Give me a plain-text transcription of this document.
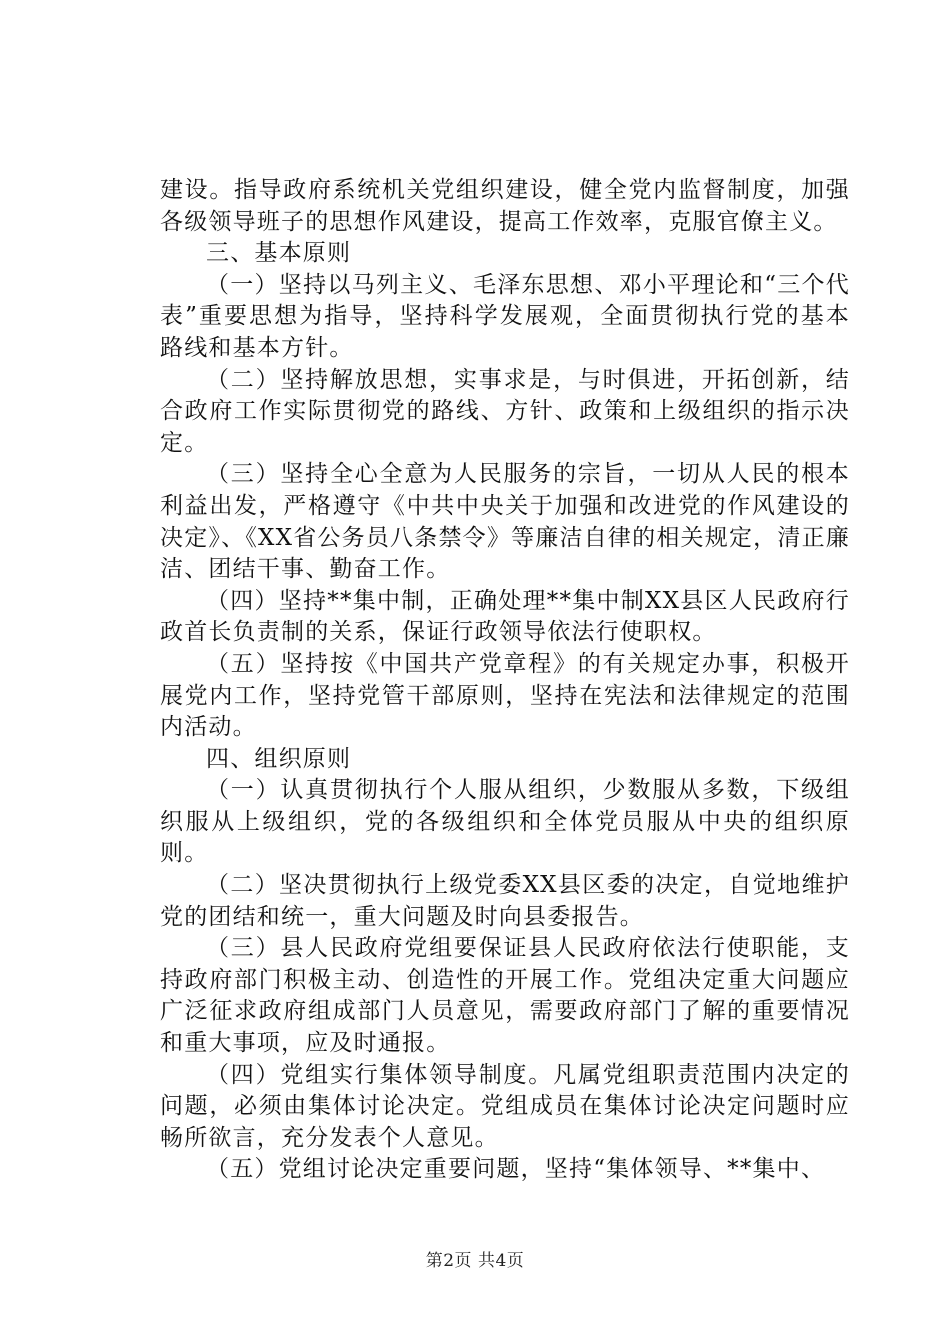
建设。指导政府系统机关党组织建设，健全党内监督制度，加强各级领导班子的思想作风建设，提高工作效率，克服官僚主义。

三、基本原则

（一）坚持以马列主义、毛泽东思想、邓小平理论和“三个代表”重要思想为指导，坚持科学发展观，全面贯彻执行党的基本路线和基本方针。

（二）坚持解放思想，实事求是，与时俱进，开拓创新，结合政府工作实际贯彻党的路线、方针、政策和上级组织的指示决定。

（三）坚持全心全意为人民服务的宗旨，一切从人民的根本利益出发，严格遵守《中共中央关于加强和改进党的作风建设的决定》、《XX省公务员八条禁令》等廉洁自律的相关规定，清正廉洁、团结干事、勤奋工作。

（四）坚持**集中制，正确处理**集中制XX县区人民政府行政首长负责制的关系，保证行政领导依法行使职权。

（五）坚持按《中国共产党章程》的有关规定办事，积极开展党内工作，坚持党管干部原则，坚持在宪法和法律规定的范围内活动。

四、组织原则

（一）认真贯彻执行个人服从组织，少数服从多数，下级组织服从上级组织，党的各级组织和全体党员服从中央的组织原则。

（二）坚决贯彻执行上级党委XX县区委的决定，自觉地维护党的团结和统一，重大问题及时向县委报告。

（三）县人民政府党组要保证县人民政府依法行使职能，支持政府部门积极主动、创造性的开展工作。党组决定重大问题应广泛征求政府组成部门人员意见，需要政府部门了解的重要情况和重大事项，应及时通报。

（四）党组实行集体领导制度。凡属党组职责范围内决定的问题，必须由集体讨论决定。党组成员在集体讨论决定问题时应畅所欲言，充分发表个人意见。

（五）党组讨论决定重要问题，坚持“集体领导、**集中、

第2页 共4页
